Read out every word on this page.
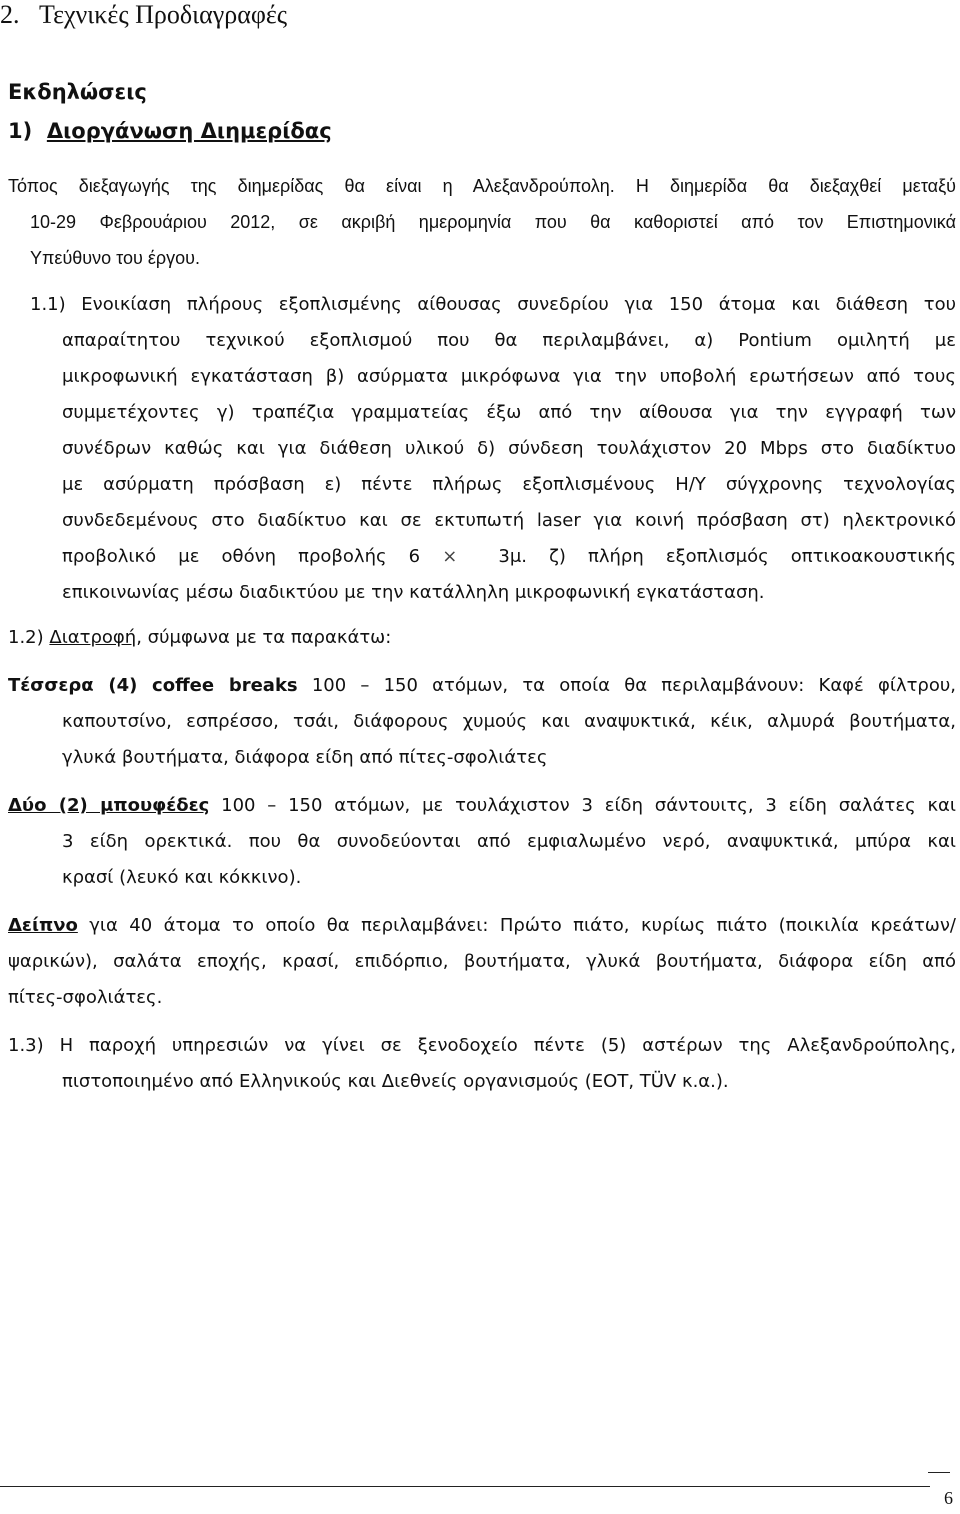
2. Τεχνικές Προδιαγραφές
Εκδηλώσεις
1) Διοργάνωση Διημερίδας
Τόπος διεξαγωγής της διημερίδας θα είναι η Αλεξανδρούπολη. Η διημερίδα θα διεξαχθεί μεταξύ
10-29 Φεβρουάριου 2012, σε ακριβή ημερομηνία που θα καθοριστεί από τον Επιστημονικά
Υπεύθυνο του έργου.
1.1) Ενοικίαση πλήρους εξοπλισμένης αίθουσας συνεδρίου για 150 άτομα και διάθεση του
απαραίτητου τεχνικού εξοπλισμού που θα περιλαμβάνει, α) Pontium ομιλητή με
μικροφωνική εγκατάσταση β) ασύρματα μικρόφωνα για την υποβολή ερωτήσεων από τους
συμμετέχοντες γ) τραπέζια γραμματείας έξω από την αίθουσα για την εγγραφή των
συνέδρων καθώς και για διάθεση υλικού δ) σύνδεση τουλάχιστον 20 Mbps στο διαδίκτυο
με ασύρματη πρόσβαση ε) πέντε πλήρως εξοπλισμένους Η/Υ σύγχρονης τεχνολογίας
συνδεδεμένους στο διαδίκτυο και σε εκτυπωτή laser για κοινή πρόσβαση στ) ηλεκτρονικό
προβολικό με οθόνη προβολής 6 × 3μ. ζ) πλήρη εξοπλισμός οπτικοακουστικής
επικοινωνίας μέσω διαδικτύου με την κατάλληλη μικροφωνική εγκατάσταση.
1.2) Διατροφή, σύμφωνα με τα παρακάτω:
Τέσσερα (4) coffee breaks 100 – 150 ατόμων, τα οποία θα περιλαμβάνουν: Καφέ φίλτρου,
καπουτσίνο, εσπρέσσο, τσάι, διάφορους χυμούς και αναψυκτικά, κέικ, αλμυρά βουτήματα,
γλυκά βουτήματα, διάφορα είδη από πίτες-σφολιάτες
Δύο (2) μπουφέδες 100 – 150 ατόμων, με τουλάχιστον 3 είδη σάντουιτς, 3 είδη σαλάτες και
3 είδη ορεκτικά. που θα συνοδεύονται από εμφιαλωμένο νερό, αναψυκτικά, μπύρα και
κρασί (λευκό και κόκκινο).
Δείπνο για 40 άτομα το οποίο θα περιλαμβάνει: Πρώτο πιάτο, κυρίως πιάτο (ποικιλία κρεάτων/
ψαρικών), σαλάτα εποχής, κρασί, επιδόρπιο, βουτήματα, γλυκά βουτήματα, διάφορα είδη από
πίτες-σφολιάτες.
1.3) Η παροχή υπηρεσιών να γίνει σε ξενοδοχείο πέντε (5) αστέρων της Αλεξανδρούπολης,
πιστοποιημένο από Ελληνικούς και Διεθνείς οργανισμούς (ΕΟΤ, TÜV κ.α.).
6
